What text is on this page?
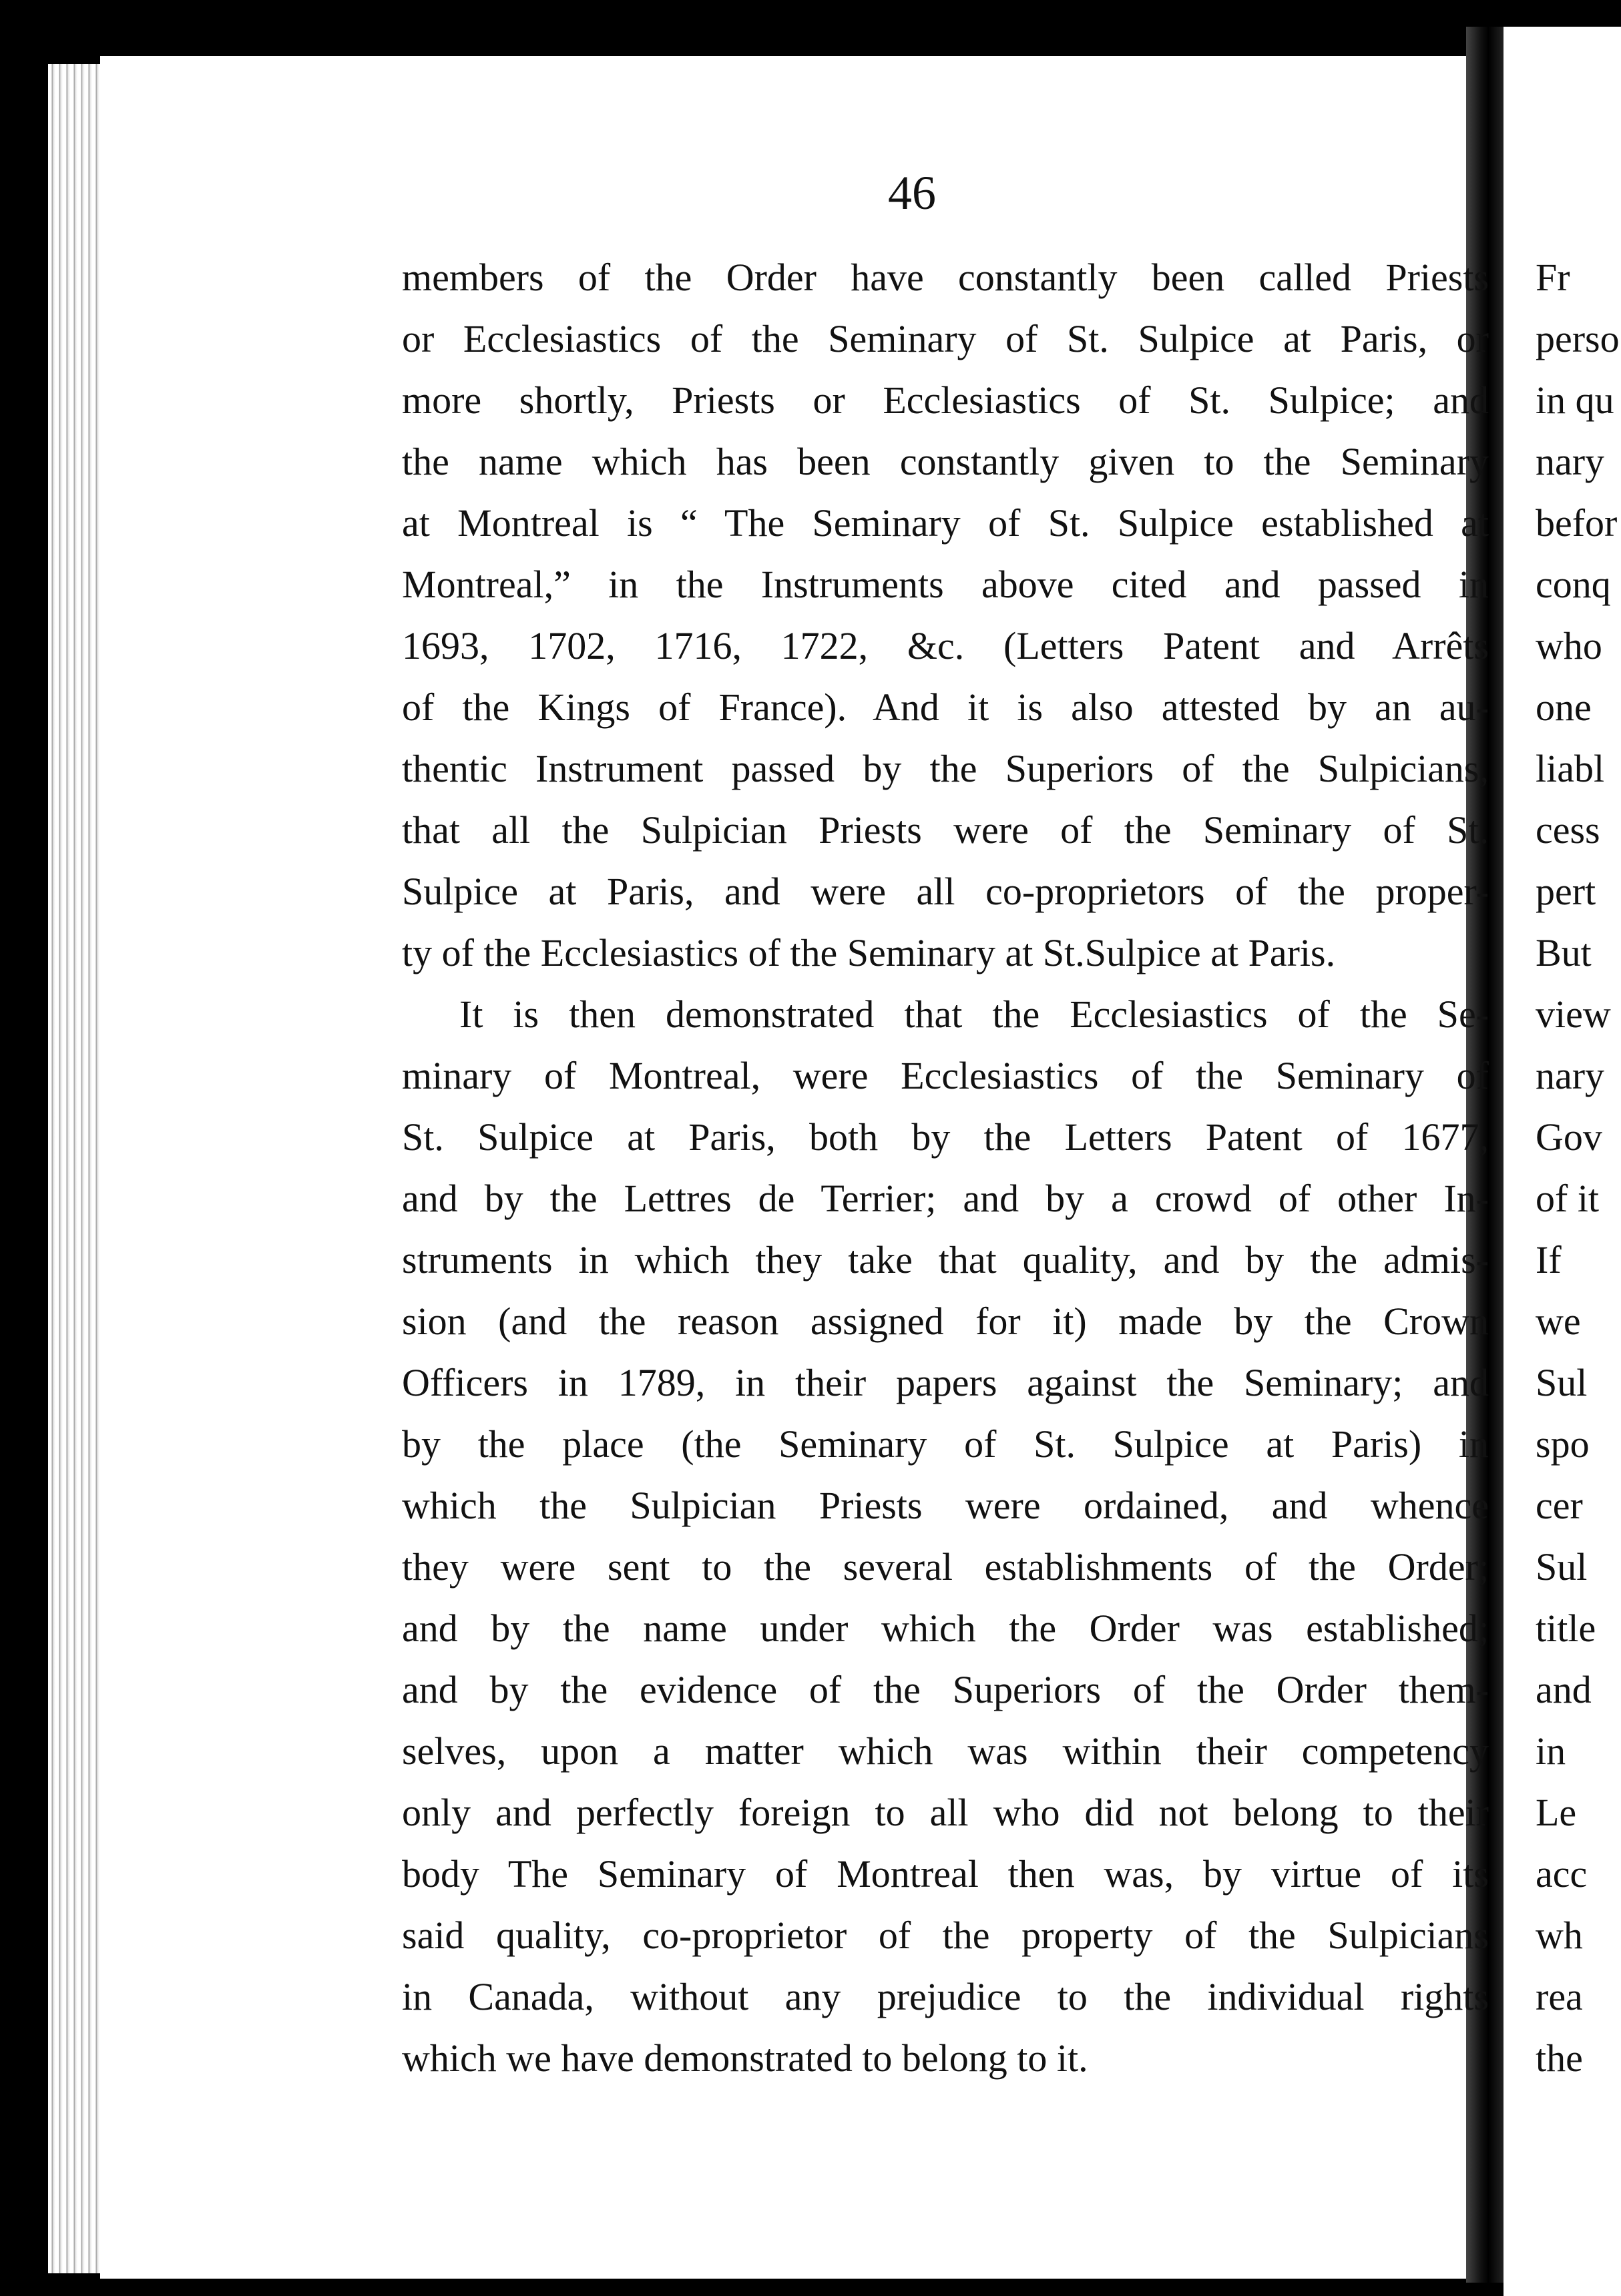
Fr
perso
in qu
nary
befor
conq
who
one
liabl
cess
pert
But
view
nary
Gov
of it
If
we
Sul
spo
cer
Sul
title
and
in
Le
acc
wh
rea
the

46

members of the Order have constantly been called Priests
or Ecclesiastics of the Seminary of St. Sulpice at Paris, or
more shortly, Priests or Ecclesiastics of St. Sulpice; and
the name which has been constantly given to the Seminary
at Montreal is “ The Seminary of St. Sulpice established at
Montreal,” in the Instruments above cited and passed in
1693, 1702, 1716, 1722, &c. (Letters Patent and Arrêts
of the Kings of France). And it is also attested by an au-
thentic Instrument passed by the Superiors of the Sulpicians,
that all the Sulpician Priests were of the Seminary of St.
Sulpice at Paris, and were all co-proprietors of the proper-
ty of the Ecclesiastics of the Seminary at St.Sulpice at Paris.
It is then demonstrated that the Ecclesiastics of the Se-
minary of Montreal, were Ecclesiastics of the Seminary of
St. Sulpice at Paris, both by the Letters Patent of 1677,
and by the Lettres de Terrier; and by a crowd of other In-
struments in which they take that quality, and by the admis-
sion (and the reason assigned for it) made by the Crown
Officers in 1789, in their papers against the Seminary; and
by the place (the Seminary of St. Sulpice at Paris) in
which the Sulpician Priests were ordained, and whence
they were sent to the several establishments of the Order;
and by the name under which the Order was established;
and by the evidence of the Superiors of the Order them-
selves, upon a matter which was within their competency
only and perfectly foreign to all who did not belong to their
body The Seminary of Montreal then was, by virtue of its
said quality, co-proprietor of the property of the Sulpicians
in Canada, without any prejudice to the individual rights
which we have demonstrated to belong to it.
